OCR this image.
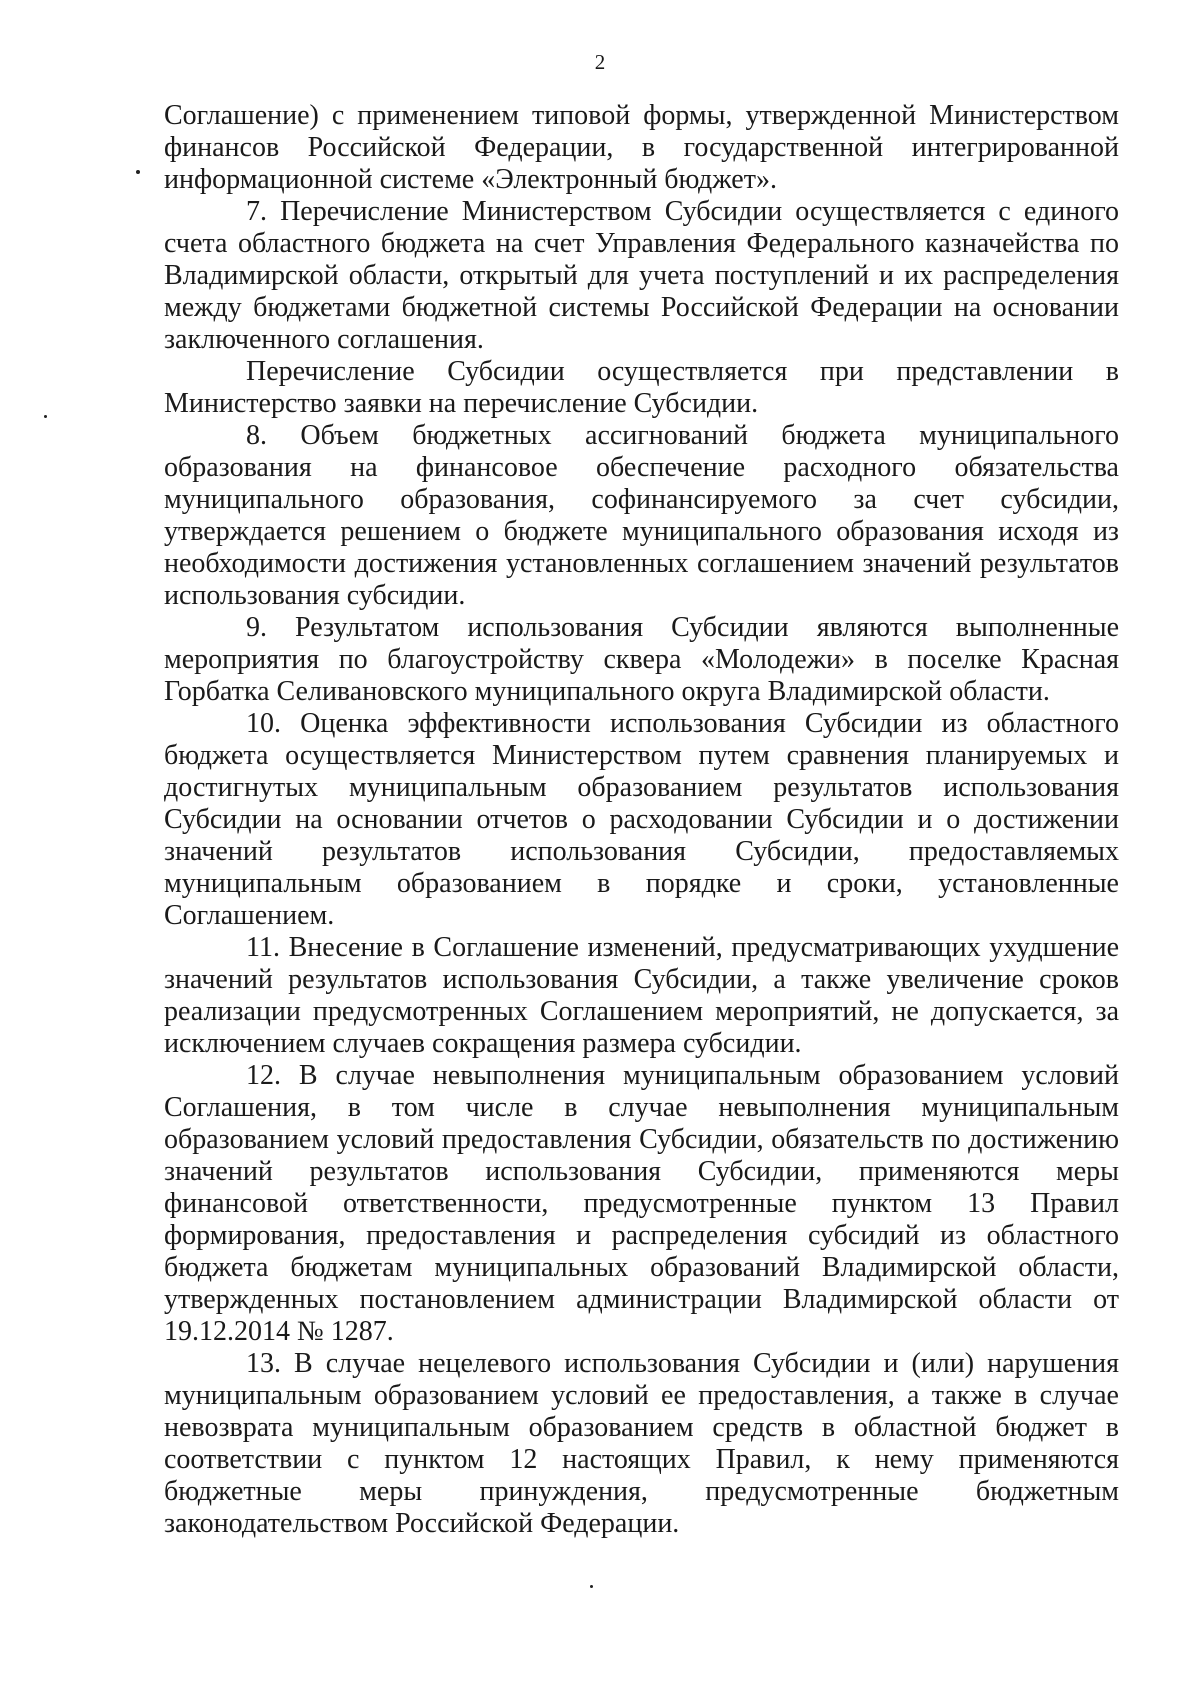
2

Соглашение) с применением типовой формы, утвержденной Министерством финансов Российской Федерации, в государственной интегрированной информационной системе «Электронный бюджет».

7. Перечисление Министерством Субсидии осуществляется с единого счета областного бюджета на счет Управления Федерального казначейства по Владимирской области, открытый для учета поступлений и их распределения между бюджетами бюджетной системы Российской Федерации на основании заключенного соглашения.

Перечисление Субсидии осуществляется при представлении в Министерство заявки на перечисление Субсидии.

8. Объем бюджетных ассигнований бюджета муниципального образования на финансовое обеспечение расходного обязательства муниципального образования, софинансируемого за счет субсидии, утверждается решением о бюджете муниципального образования исходя из необходимости достижения установленных соглашением значений результатов использования субсидии.

9. Результатом использования Субсидии являются выполненные мероприятия по благоустройству сквера «Молодежи» в поселке Красная Горбатка Селивановского муниципального округа Владимирской области.

10. Оценка эффективности использования Субсидии из областного бюджета осуществляется Министерством путем сравнения планируемых и достигнутых муниципальным образованием результатов использования Субсидии на основании отчетов о расходовании Субсидии и о достижении значений результатов использования Субсидии, предоставляемых муниципальным образованием в порядке и сроки, установленные Соглашением.

11. Внесение в Соглашение изменений, предусматривающих ухудшение значений результатов использования Субсидии, а также увеличение сроков реализации предусмотренных Соглашением мероприятий, не допускается, за исключением случаев сокращения размера субсидии.

12. В случае невыполнения муниципальным образованием условий Соглашения, в том числе в случае невыполнения муниципальным образованием условий предоставления Субсидии, обязательств по достижению значений результатов использования Субсидии, применяются меры финансовой ответственности, предусмотренные пунктом 13 Правил формирования, предоставления и распределения субсидий из областного бюджета бюджетам муниципальных образований Владимирской области, утвержденных постановлением администрации Владимирской области от 19.12.2014 № 1287.

13. В случае нецелевого использования Субсидии и (или) нарушения муниципальным образованием условий ее предоставления, а также в случае невозврата муниципальным образованием средств в областной бюджет в соответствии с пунктом 12 настоящих Правил, к нему применяются бюджетные меры принуждения, предусмотренные бюджетным законодательством Российской Федерации.
